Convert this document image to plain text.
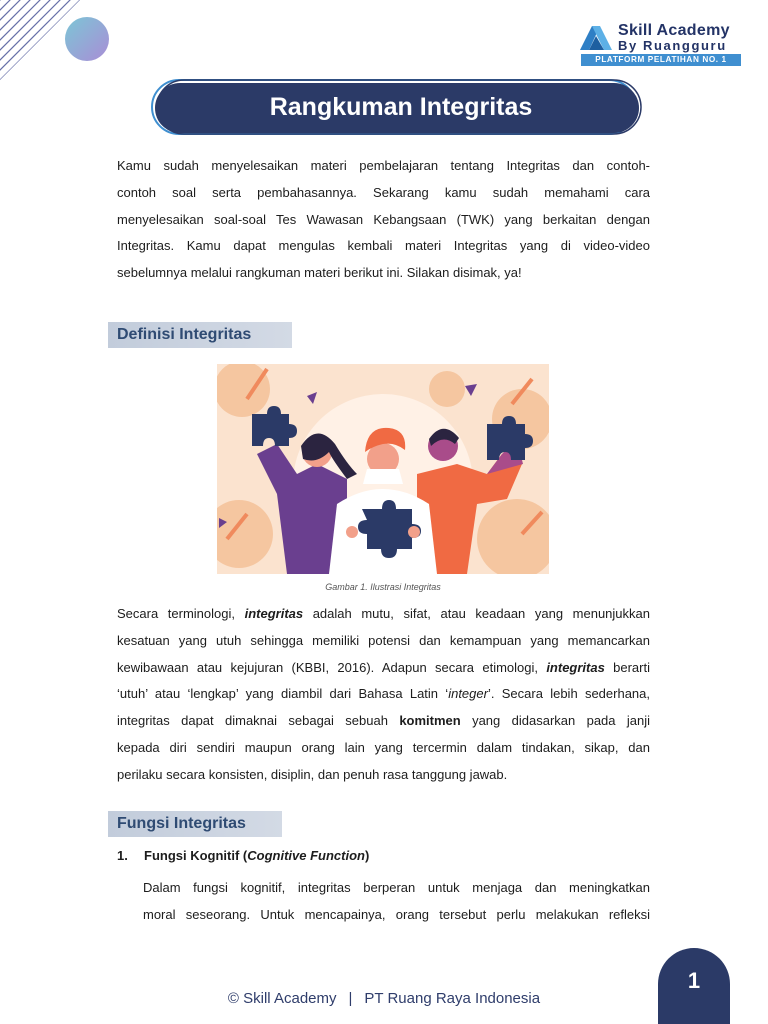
Skill Academy
By Ruangguru
PLATFORM PELATIHAN NO. 1
Rangkuman Integritas

Kamu sudah menyelesaikan materi pembelajaran tentang Integritas dan contoh-
contoh soal serta pembahasannya. Sekarang kamu sudah memahami cara
menyelesaikan soal-soal Tes Wawasan Kebangsaan (TWK) yang berkaitan dengan
Integritas. Kamu dapat mengulas kembali materi Integritas yang di video-video
sebelumnya melalui rangkuman materi berikut ini. Silakan disimak, ya!

Definisi Integritas
Gambar 1. Ilustrasi Integritas

Secara terminologi, integritas adalah mutu, sifat, atau keadaan yang menunjukkan
kesatuan yang utuh sehingga memiliki potensi dan kemampuan yang memancarkan
kewibawaan atau kejujuran (KBBI, 2016). Adapun secara etimologi, integritas berarti
‘utuh’ atau ‘lengkap’ yang diambil dari Bahasa Latin ‘integer’. Secara lebih sederhana,
integritas dapat dimaknai sebagai sebuah komitmen yang didasarkan pada janji
kepada diri sendiri maupun orang lain yang tercermin dalam tindakan, sikap, dan
perilaku secara konsisten, disiplin, dan penuh rasa tanggung jawab.

Fungsi Integritas
1. Fungsi Kognitif (Cognitive Function)

Dalam fungsi kognitif, integritas berperan untuk menjaga dan meningkatkan
moral seseorang. Untuk mencapainya, orang tersebut perlu melakukan refleksi

© Skill Academy | PT Ruang Raya Indonesia
1
